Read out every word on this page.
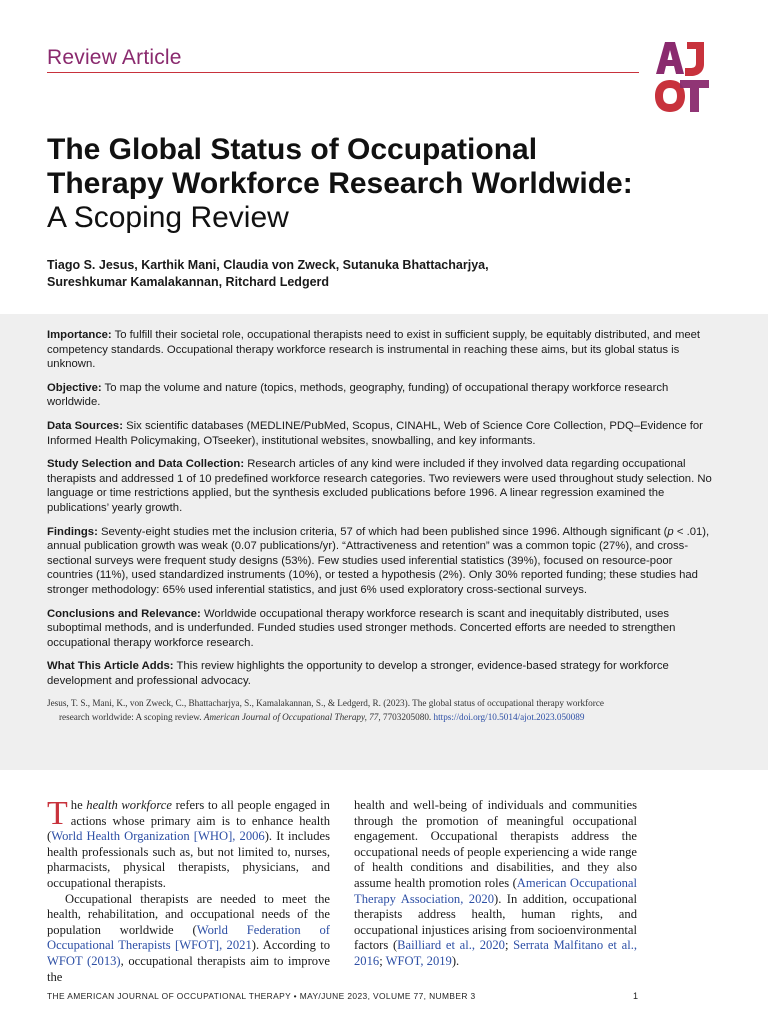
Review Article
AJ
The Global Status of Occupational Therapy Workforce Research Worldwide: A Scoping Review
Tiago S. Jesus, Karthik Mani, Claudia von Zweck, Sutanuka Bhattacharjya,
Sureshkumar Kamalakannan, Ritchard Ledgerd

Importance: To fulfill their societal role, occupational therapists need to exist in sufficient supply, be equitably distributed, and meet competency standards. Occupational therapy workforce research is instrumental in reaching these aims, but its global status is unknown.

Objective: To map the volume and nature (topics, methods, geography, funding) of occupational therapy workforce research worldwide.

Data Sources: Six scientific databases (MEDLINE/PubMed, Scopus, CINAHL, Web of Science Core Collection, PDQ–Evidence for Informed Health Policymaking, OTseeker), institutional websites, snowballing, and key informants.

Study Selection and Data Collection: Research articles of any kind were included if they involved data regarding occupational therapists and addressed 1 of 10 predefined workforce research categories. Two reviewers were used throughout study selection. No language or time restrictions applied, but the synthesis excluded publications before 1996. A linear regression examined the publications’ yearly growth.

Findings: Seventy-eight studies met the inclusion criteria, 57 of which had been published since 1996. Although significant (p < .01), annual publication growth was weak (0.07 publications/yr). “Attractiveness and retention” was a common topic (27%), and cross-sectional surveys were frequent study designs (53%). Few studies used inferential statistics (39%), focused on resource-poor countries (11%), used standardized instruments (10%), or tested a hypothesis (2%). Only 30% reported funding; these studies had stronger methodology: 65% used inferential statistics, and just 6% used exploratory cross-sectional surveys.

Conclusions and Relevance: Worldwide occupational therapy workforce research is scant and inequitably distributed, uses suboptimal methods, and is underfunded. Funded studies used stronger methods. Concerted efforts are needed to strengthen occupational therapy workforce research.

What This Article Adds: This review highlights the opportunity to develop a stronger, evidence-based strategy for workforce development and professional advocacy.

Jesus, T. S., Mani, K., von Zweck, C., Bhattacharjya, S., Kamalakannan, S., & Ledgerd, R. (2023). The global status of occupational therapy workforce
research worldwide: A scoping review. American Journal of Occupational Therapy, 77, 7703205080. https://doi.org/10.5014/ajot.2023.050089

The health workforce refers to all people engaged in actions whose primary aim is to enhance health (World Health Organization [WHO], 2006). It includes health professionals such as, but not limited to, nurses, pharmacists, physical therapists, physicians, and occupational therapists.

Occupational therapists are needed to meet the health, rehabilitation, and occupational needs of the population worldwide (World Federation of Occupational Therapists [WFOT], 2021). According to WFOT (2013), occupational therapists aim to improve the

health and well-being of individuals and communities through the promotion of meaningful occupational engagement. Occupational therapists address the occupational needs of people experiencing a wide range of health conditions and disabilities, and they also assume health promotion roles (American Occupational Therapy Association, 2020). In addition, occupational therapists address health, human rights, and occupational injustices arising from socioenvironmental factors (Bailliard et al., 2020; Serrata Malfitano et al., 2016; WFOT, 2019).

THE AMERICAN JOURNAL OF OCCUPATIONAL THERAPY • MAY/JUNE 2023, VOLUME 77, NUMBER 3	1
